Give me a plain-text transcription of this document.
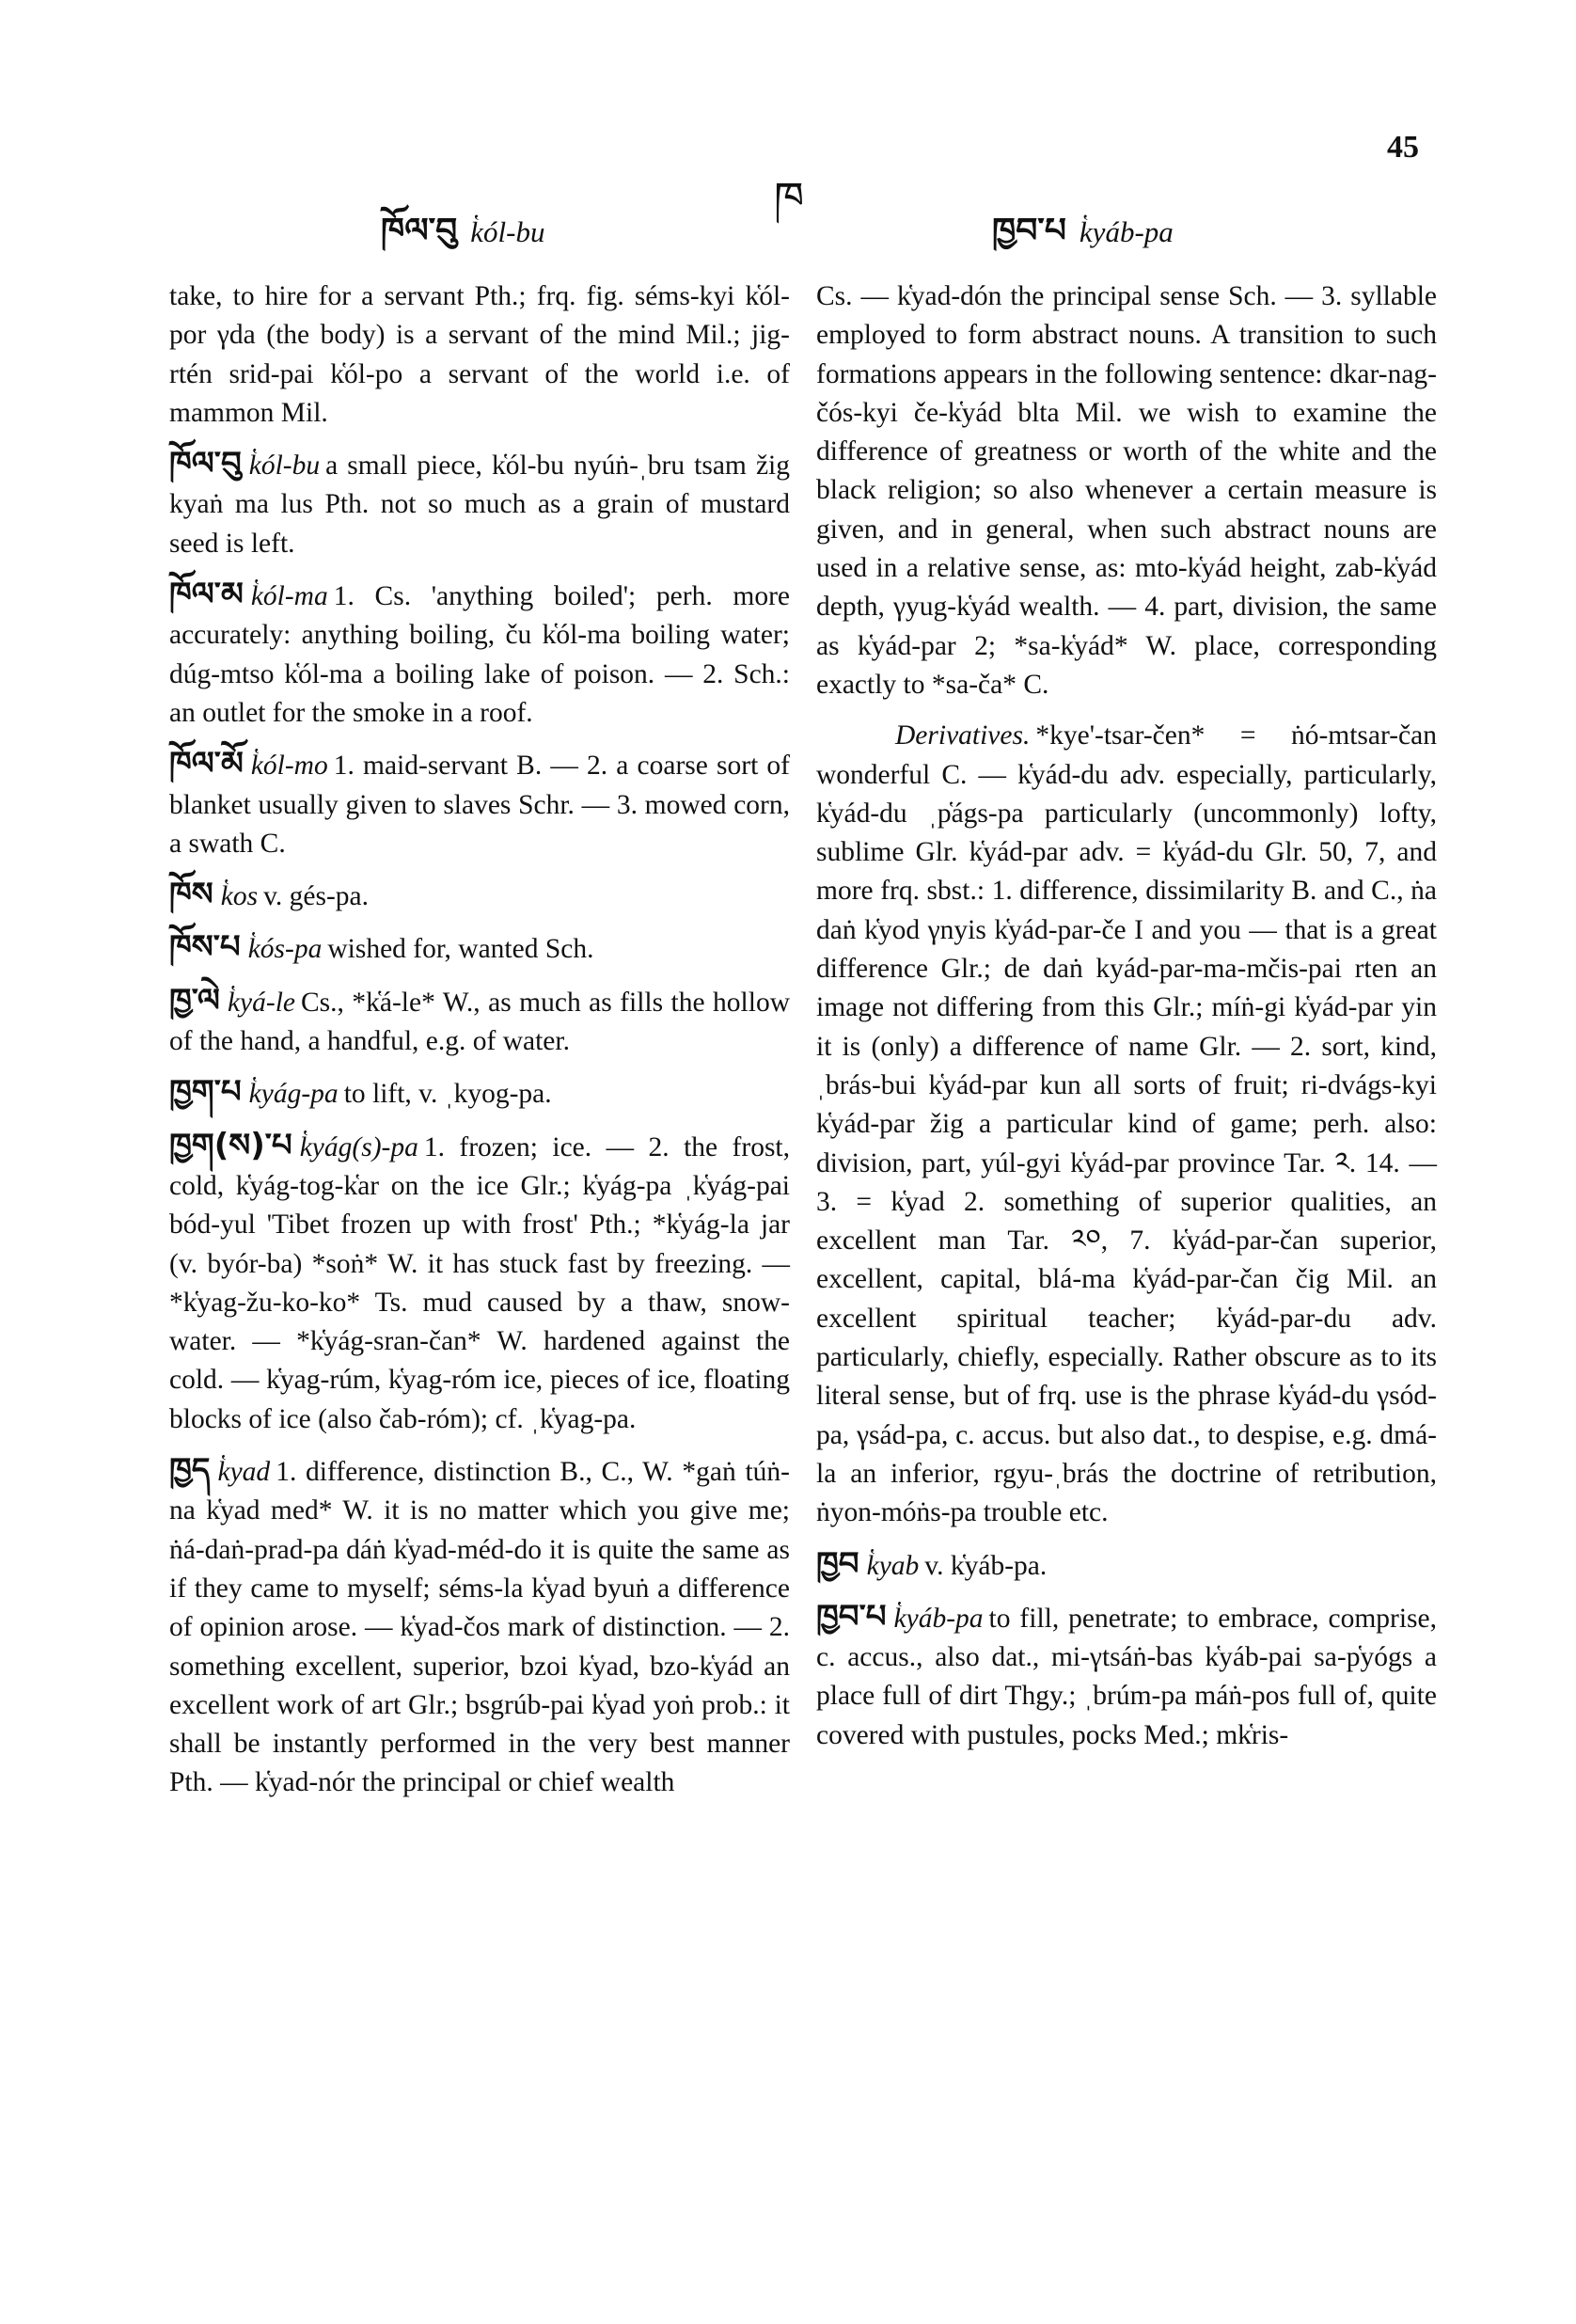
45
ཁོལ་བུ k̔ól-bu
ཁ
ཁྱབ་པ k̔yáb-pa

take, to hire for a servant Pth.; frq. fig. séms-kyi k̔ól-por γda (the body) is a servant of the mind Mil.; jig-rtén srid-pai k̔ól-po a servant of the world i.e. of mammon Mil.

ཁོལ་བུ k̔ól-bu a small piece, k̔ól-bu nyúṅ-ˌbru tsam žig kyaṅ ma lus Pth. not so much as a grain of mustard seed is left.

ཁོལ་མ k̔ól-ma 1. Cs. 'anything boiled'; perh. more accurately: anything boiling, ču k̔ól-ma boiling water; dúg-mtso k̔ól-ma a boiling lake of poison. — 2. Sch.: an outlet for the smoke in a roof.

ཁོལ་མོ k̔ól-mo 1. maid-servant B. — 2. a coarse sort of blanket usually given to slaves Schr. — 3. mowed corn, a swath C.

ཁོས k̔os v. gés-pa.

ཁོས་པ k̔ós-pa wished for, wanted Sch.

ཁྱ་ལེ k̔yá-le Cs., *k̔á-le* W., as much as fills the hollow of the hand, a handful, e.g. of water.

ཁྱག་པ k̔yág-pa to lift, v. ˌkyog-pa.

ཁྱག(ས)་པ k̔yág(s)-pa 1. frozen; ice. — 2. the frost, cold, k̔yág-tog-k̔ar on the ice Glr.; k̔yág-pa ˌk̔yág-pai bód-yul 'Tibet frozen up with frost' Pth.; *k̔yág-la jar (v. byór-ba) *soṅ* W. it has stuck fast by freezing. — *k̔yag-žu-ko-ko* Ts. mud caused by a thaw, snow-water. — *k̔yág-sran-čan* W. hardened against the cold. — k̔yag-rúm, k̔yag-róm ice, pieces of ice, floating blocks of ice (also čab-róm); cf. ˌk̔yag-pa.

ཁྱད k̔yad 1. difference, distinction B., C., W. *gaṅ túṅ-na k̔yad med* W. it is no matter which you give me; ṅá-daṅ-prad-pa dáṅ k̔yad-méd-do it is quite the same as if they came to myself; séms-la k̔yad byuṅ a difference of opinion arose. — k̔yad-čos mark of distinction. — 2. something excellent, superior, bzoi k̔yad, bzo-k̔yád an excellent work of art Glr.; bsgrúb-pai k̔yad yoṅ prob.: it shall be instantly performed in the very best manner Pth. — k̔yad-nór the principal or chief wealth

Cs. — k̔yad-dón the principal sense Sch. — 3. syllable employed to form abstract nouns. A transition to such formations appears in the following sentence: dkar-nag-čós-kyi če-k̔yád blta Mil. we wish to examine the difference of greatness or worth of the white and the black religion; so also whenever a certain measure is given, and in general, when such abstract nouns are used in a relative sense, as: mto-k̔yád height, zab-k̔yád depth, γyug-k̔yád wealth. — 4. part, division, the same as k̔yád-par 2; *sa-k̔yád* W. place, corresponding exactly to *sa-ča* C.

Derivatives. *kye'-tsar-čen* = ṅó-mtsar-čan wonderful C. — k̔yád-du adv. especially, particularly, k̔yád-du ˌp̔ágs-pa particularly (uncommonly) lofty, sublime Glr. k̔yád-par adv. = k̔yád-du Glr. 50, 7, and more frq. sbst.: 1. difference, dissimilarity B. and C., ṅa daṅ k̔yod γnyis k̔yád-par-če I and you — that is a great difference Glr.; de daṅ kyád-par-ma-mčis-pai rten an image not differing from this Glr.; míṅ-gi k̔yád-par yin it is (only) a difference of name Glr. — 2. sort, kind, ˌbrás-bui k̔yád-par kun all sorts of fruit; ri-dvágs-kyi k̔yád-par žig a particular kind of game; perh. also: division, part, yúl-gyi k̔yád-par province Tar. ༢. 14. — 3. = k̔yad 2. something of superior qualities, an excellent man Tar. ༢༠, 7. k̔yád-par-čan superior, excellent, capital, blá-ma k̔yád-par-čan čig Mil. an excellent spiritual teacher; k̔yád-par-du adv. particularly, chiefly, especially. Rather obscure as to its literal sense, but of frq. use is the phrase k̔yád-du γsód-pa, γsád-pa, c. accus. but also dat., to despise, e.g. dmá-la an inferior, rgyu-ˌbrás the doctrine of retribution, ṅyon-móṅs-pa trouble etc.

ཁྱབ k̔yab v. k̔yáb-pa.

ཁྱབ་པ k̔yáb-pa to fill, penetrate; to embrace, comprise, c. accus., also dat., mi-γtsáṅ-bas k̔yáb-pai sa-p̔yógs a place full of dirt Thgy.; ˌbrúm-pa máṅ-pos full of, quite covered with pustules, pocks Med.; mk̔ris-
